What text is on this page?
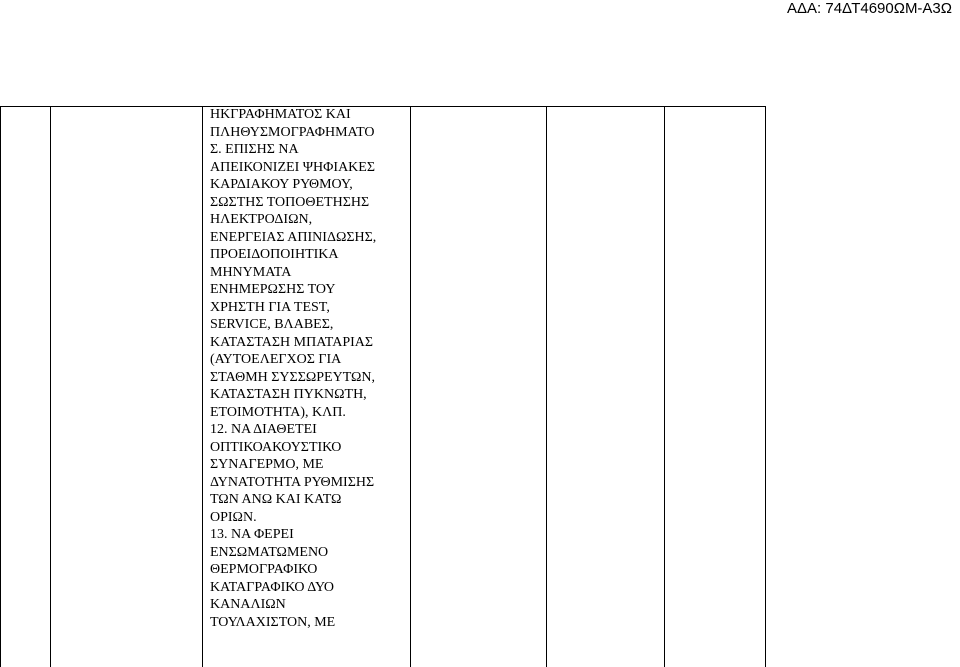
ΑΔΑ: 74ΔΤ4690ΩΜ-Α3Ω
ΗΚΓΡΑΦΗΜΑΤΟΣ ΚΑΙ
ΠΛΗΘΥΣΜΟΓΡΑΦΗΜΑΤΟ
Σ. ΕΠΙΣΗΣ ΝΑ
ΑΠΕΙΚΟΝΙΖΕΙ ΨΗΦΙΑΚΕΣ
ΚΑΡΔΙΑΚΟΥ ΡΥΘΜΟΥ,
ΣΩΣΤΗΣ ΤΟΠΟΘΕΤΗΣΗΣ
ΗΛΕΚΤΡΟΔΙΩΝ,
ΕΝΕΡΓΕΙΑΣ ΑΠΙΝΙΔΩΣΗΣ,
ΠΡΟΕΙΔΟΠΟΙΗΤΙΚΑ
ΜΗΝΥΜΑΤΑ
ΕΝΗΜΕΡΩΣΗΣ ΤΟΥ
ΧΡΗΣΤΗ ΓΙΑ TEST,
SERVICE, ΒΛΑΒΕΣ,
ΚΑΤΑΣΤΑΣΗ ΜΠΑΤΑΡΙΑΣ
(ΑΥΤΟΕΛΕΓΧΟΣ ΓΙΑ
ΣΤΑΘΜΗ ΣΥΣΣΩΡΕΥΤΩΝ,
ΚΑΤΑΣΤΑΣΗ ΠΥΚΝΩΤΗ,
ΕΤΟΙΜΟΤΗΤΑ), ΚΛΠ.
12. ΝΑ ΔΙΑΘΕΤΕΙ
ΟΠΤΙΚΟΑΚΟΥΣΤΙΚΟ
ΣΥΝΑΓΕΡΜΟ, ΜΕ
ΔΥΝΑΤΟΤΗΤΑ ΡΥΘΜΙΣΗΣ
ΤΩΝ ΑΝΩ ΚΑΙ ΚΑΤΩ
ΟΡΙΩΝ.
13. ΝΑ ΦΕΡΕΙ
ΕΝΣΩΜΑΤΩΜΕΝΟ
ΘΕΡΜΟΓΡΑΦΙΚΟ
ΚΑΤΑΓΡΑΦΙΚΟ ΔΥΟ
ΚΑΝΑΛΙΩΝ
ΤΟΥΛΑΧΙΣΤΟΝ, ΜΕ
